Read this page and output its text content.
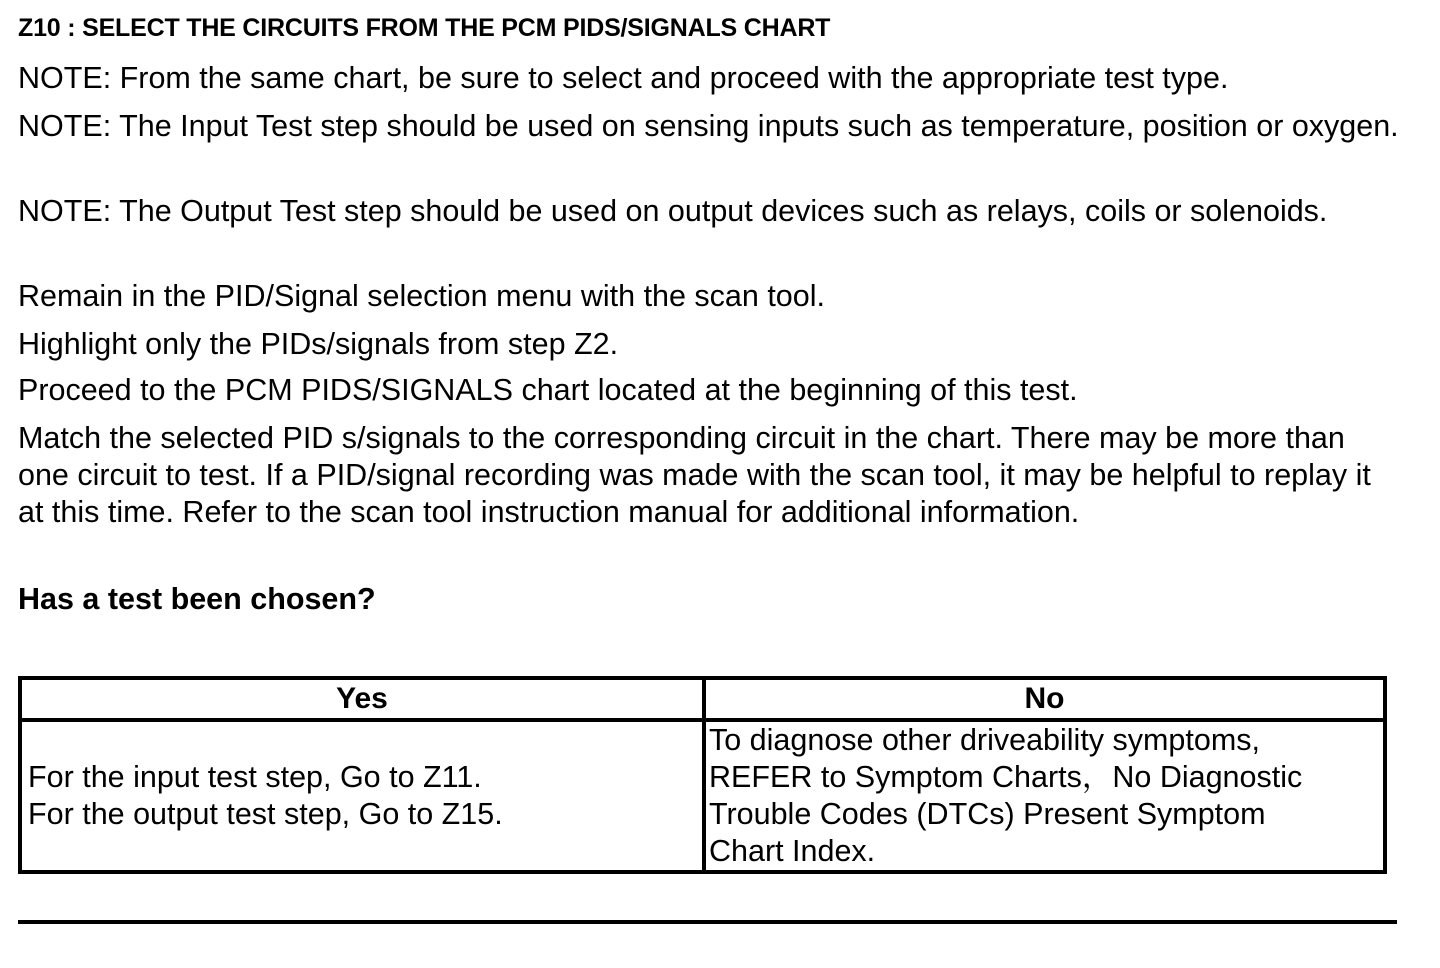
Z10 : SELECT THE CIRCUITS FROM THE PCM PIDS/SIGNALS CHART
NOTE: From the same chart, be sure to select and proceed with the appropriate test type.
NOTE: The Input Test step should be used on sensing inputs such as temperature, position or oxygen.
NOTE: The Output Test step should be used on output devices such as relays, coils or solenoids.
Remain in the PID/Signal selection menu with the scan tool.
Highlight only the PIDs/signals from step Z2.
Proceed to the PCM PIDS/SIGNALS chart located at the beginning of this test.
Match the selected PID s/signals to the corresponding circuit in the chart. There may be more than one circuit to test. If a PID/signal recording was made with the scan tool, it may be helpful to replay it at this time. Refer to the scan tool instruction manual for additional information.
Has a test been chosen?
Yes	No

For the input test step, Go to Z11.
For the output test step, Go to Z15.	To diagnose other driveability symptoms,
REFER to Symptom Charts，No Diagnostic
Trouble Codes (DTCs) Present Symptom
Chart Index.
